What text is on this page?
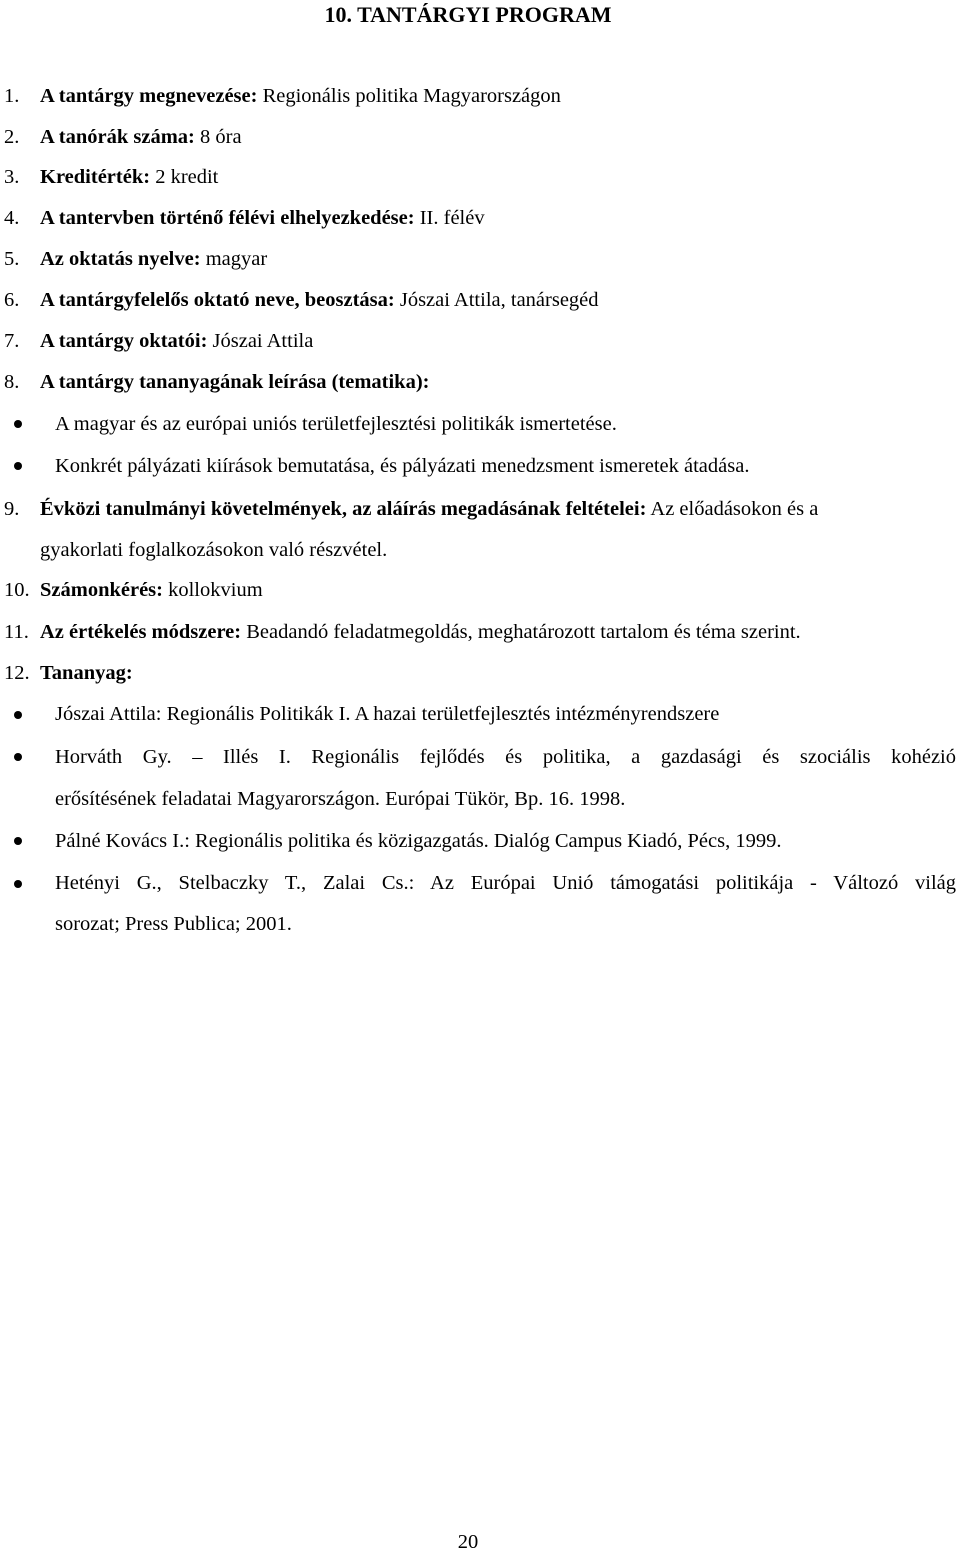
10. TANTÁRGYI PROGRAM
1. A tantárgy megnevezése: Regionális politika Magyarországon
2. A tanórák száma: 8 óra
3. Kreditérték: 2 kredit
4. A tantervben történő félévi elhelyezkedése: II. félév
5. Az oktatás nyelve: magyar
6. A tantárgyfelelős oktató neve, beosztása: Jószai Attila, tanársegéd
7. A tantárgy oktatói: Jószai Attila
8. A tantárgy tananyagának leírása (tematika):
A magyar és az európai uniós területfejlesztési politikák ismertetése.
Konkrét pályázati kiírások bemutatása, és pályázati menedzsment ismeretek átadása.
9. Évközi tanulmányi követelmények, az aláírás megadásának feltételei: Az előadásokon és a
gyakorlati foglalkozásokon való részvétel.
10. Számonkérés: kollokvium
11. Az értékelés módszere: Beadandó feladatmegoldás, meghatározott tartalom és téma szerint.
12. Tananyag:
Jószai Attila: Regionális Politikák I. A hazai területfejlesztés intézményrendszere
Horváth Gy. – Illés I. Regionális fejlődés és politika, a gazdasági és szociális kohézió
erősítésének feladatai Magyarországon. Európai Tükör, Bp. 16. 1998.
Pálné Kovács I.: Regionális politika és közigazgatás. Dialóg Campus Kiadó, Pécs, 1999.
Hetényi G., Stelbaczky T., Zalai Cs.: Az Európai Unió támogatási politikája - Változó világ
sorozat; Press Publica; 2001.
20
